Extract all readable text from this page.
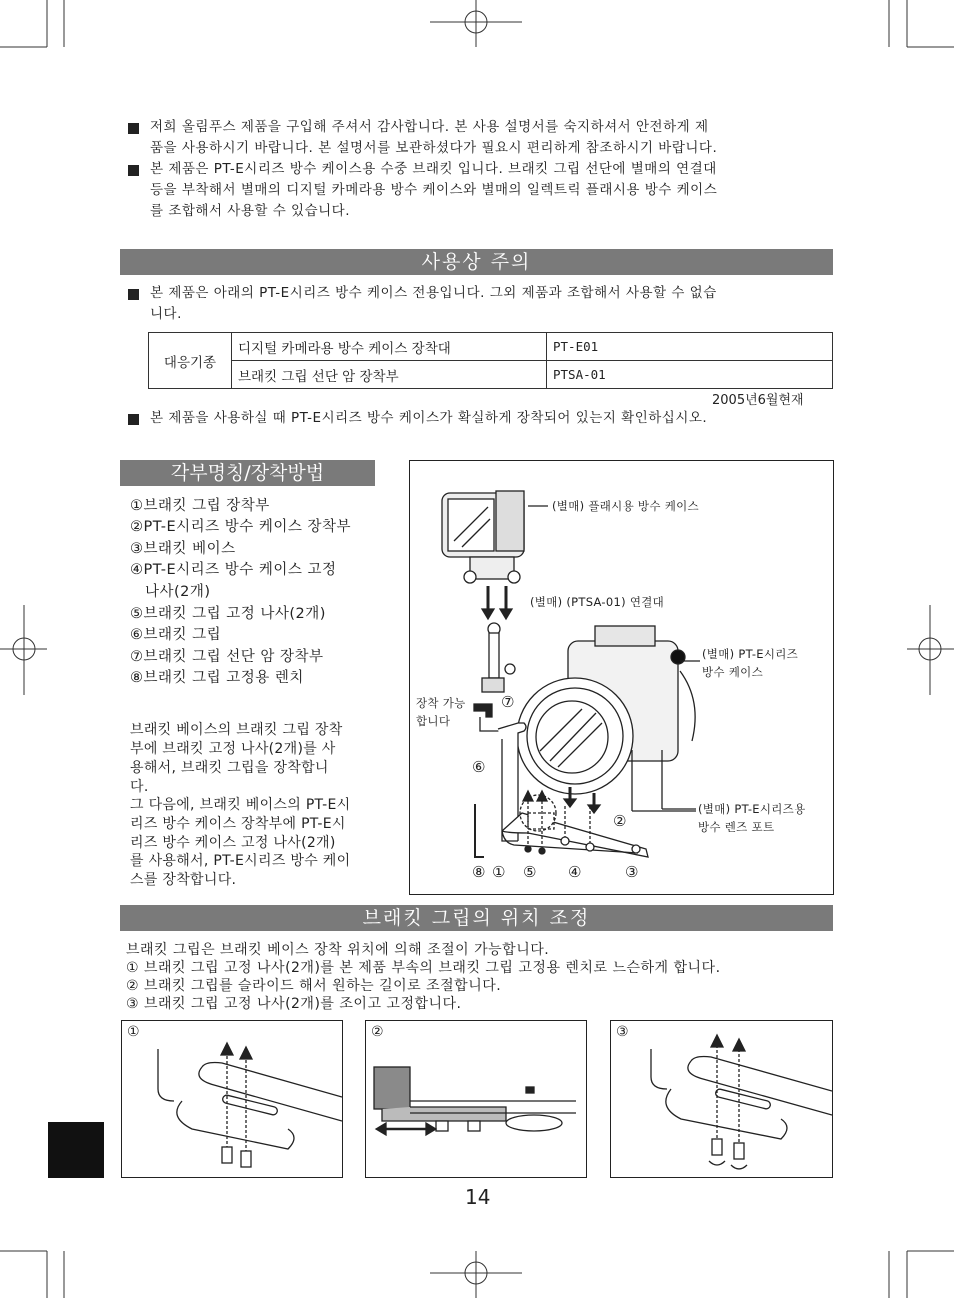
저희 올림푸스 제품을 구입해 주셔서 감사합니다. 본 사용 설명서를 숙지하셔서 안전하게 제
품을 사용하시기 바랍니다. 본 설명서를 보관하셨다가 필요시 편리하게 참조하시기 바랍니다.
본 제품은 PT-E시리즈 방수 케이스용 수중 브래킷 입니다. 브래킷 그립 선단에 별매의 연결대
등을 부착해서 별매의 디지털 카메라용 방수 케이스와 별매의 일렉트릭 플래시용 방수 케이스
를 조합해서 사용할 수 있습니다.
사용상 주의
본 제품은 아래의 PT-E시리즈 방수 케이스 전용입니다. 그외 제품과 조합해서 사용할 수 없습
니다.
대응기종	디지털 카메라용 방수 케이스 장착대	PT-E01
	브래킷 그립 선단 암 장착부	PTSA-01
2005년6월현재
본 제품을 사용하실 때 PT-E시리즈 방수 케이스가 확실하게 장착되어 있는지 확인하십시오.
각부명칭/장착방법
①브래킷 그립 장착부
②PT-E시리즈 방수 케이스 장착부
③브래킷 베이스
④PT-E시리즈 방수 케이스 고정
나사(2개)
⑤브래킷 그립 고정 나사(2개)
⑥브래킷 그립
⑦브래킷 그립 선단 암 장착부
⑧브래킷 그립 고정용 렌치
브래킷 베이스의 브래킷 그립 장착
부에 브래킷 고정 나사(2개)를 사
용해서, 브래킷 그립을 장착합니
다.
그 다음에, 브래킷 베이스의 PT-E시
리즈 방수 케이스 장착부에 PT-E시
리즈 방수 케이스 고정 나사(2개)
를 사용해서, PT-E시리즈 방수 케이
스를 장착합니다.
(별매) 플래시용 방수 케이스
(별매) (PTSA-01) 연결대
(별매) PT-E시리즈
방수 케이스
장착 가능
합니다
(별매) PT-E시리즈용
방수 렌즈 포트
⑦
⑥
②
⑧ ① ⑤ ④	③
브래킷 그립의 위치 조정
브래킷 그립은 브래킷 베이스 장착 위치에 의해 조절이 가능합니다.
① 브래킷 그립 고정 나사(2개)를 본 제품 부속의 브래킷 그립 고정용 렌치로 느슨하게 합니다.
② 브래킷 그립를 슬라이드 해서 원하는 길이로 조절합니다.
③ 브래킷 그립 고정 나사(2개)를 조이고 고정합니다.
①	②	③
14
